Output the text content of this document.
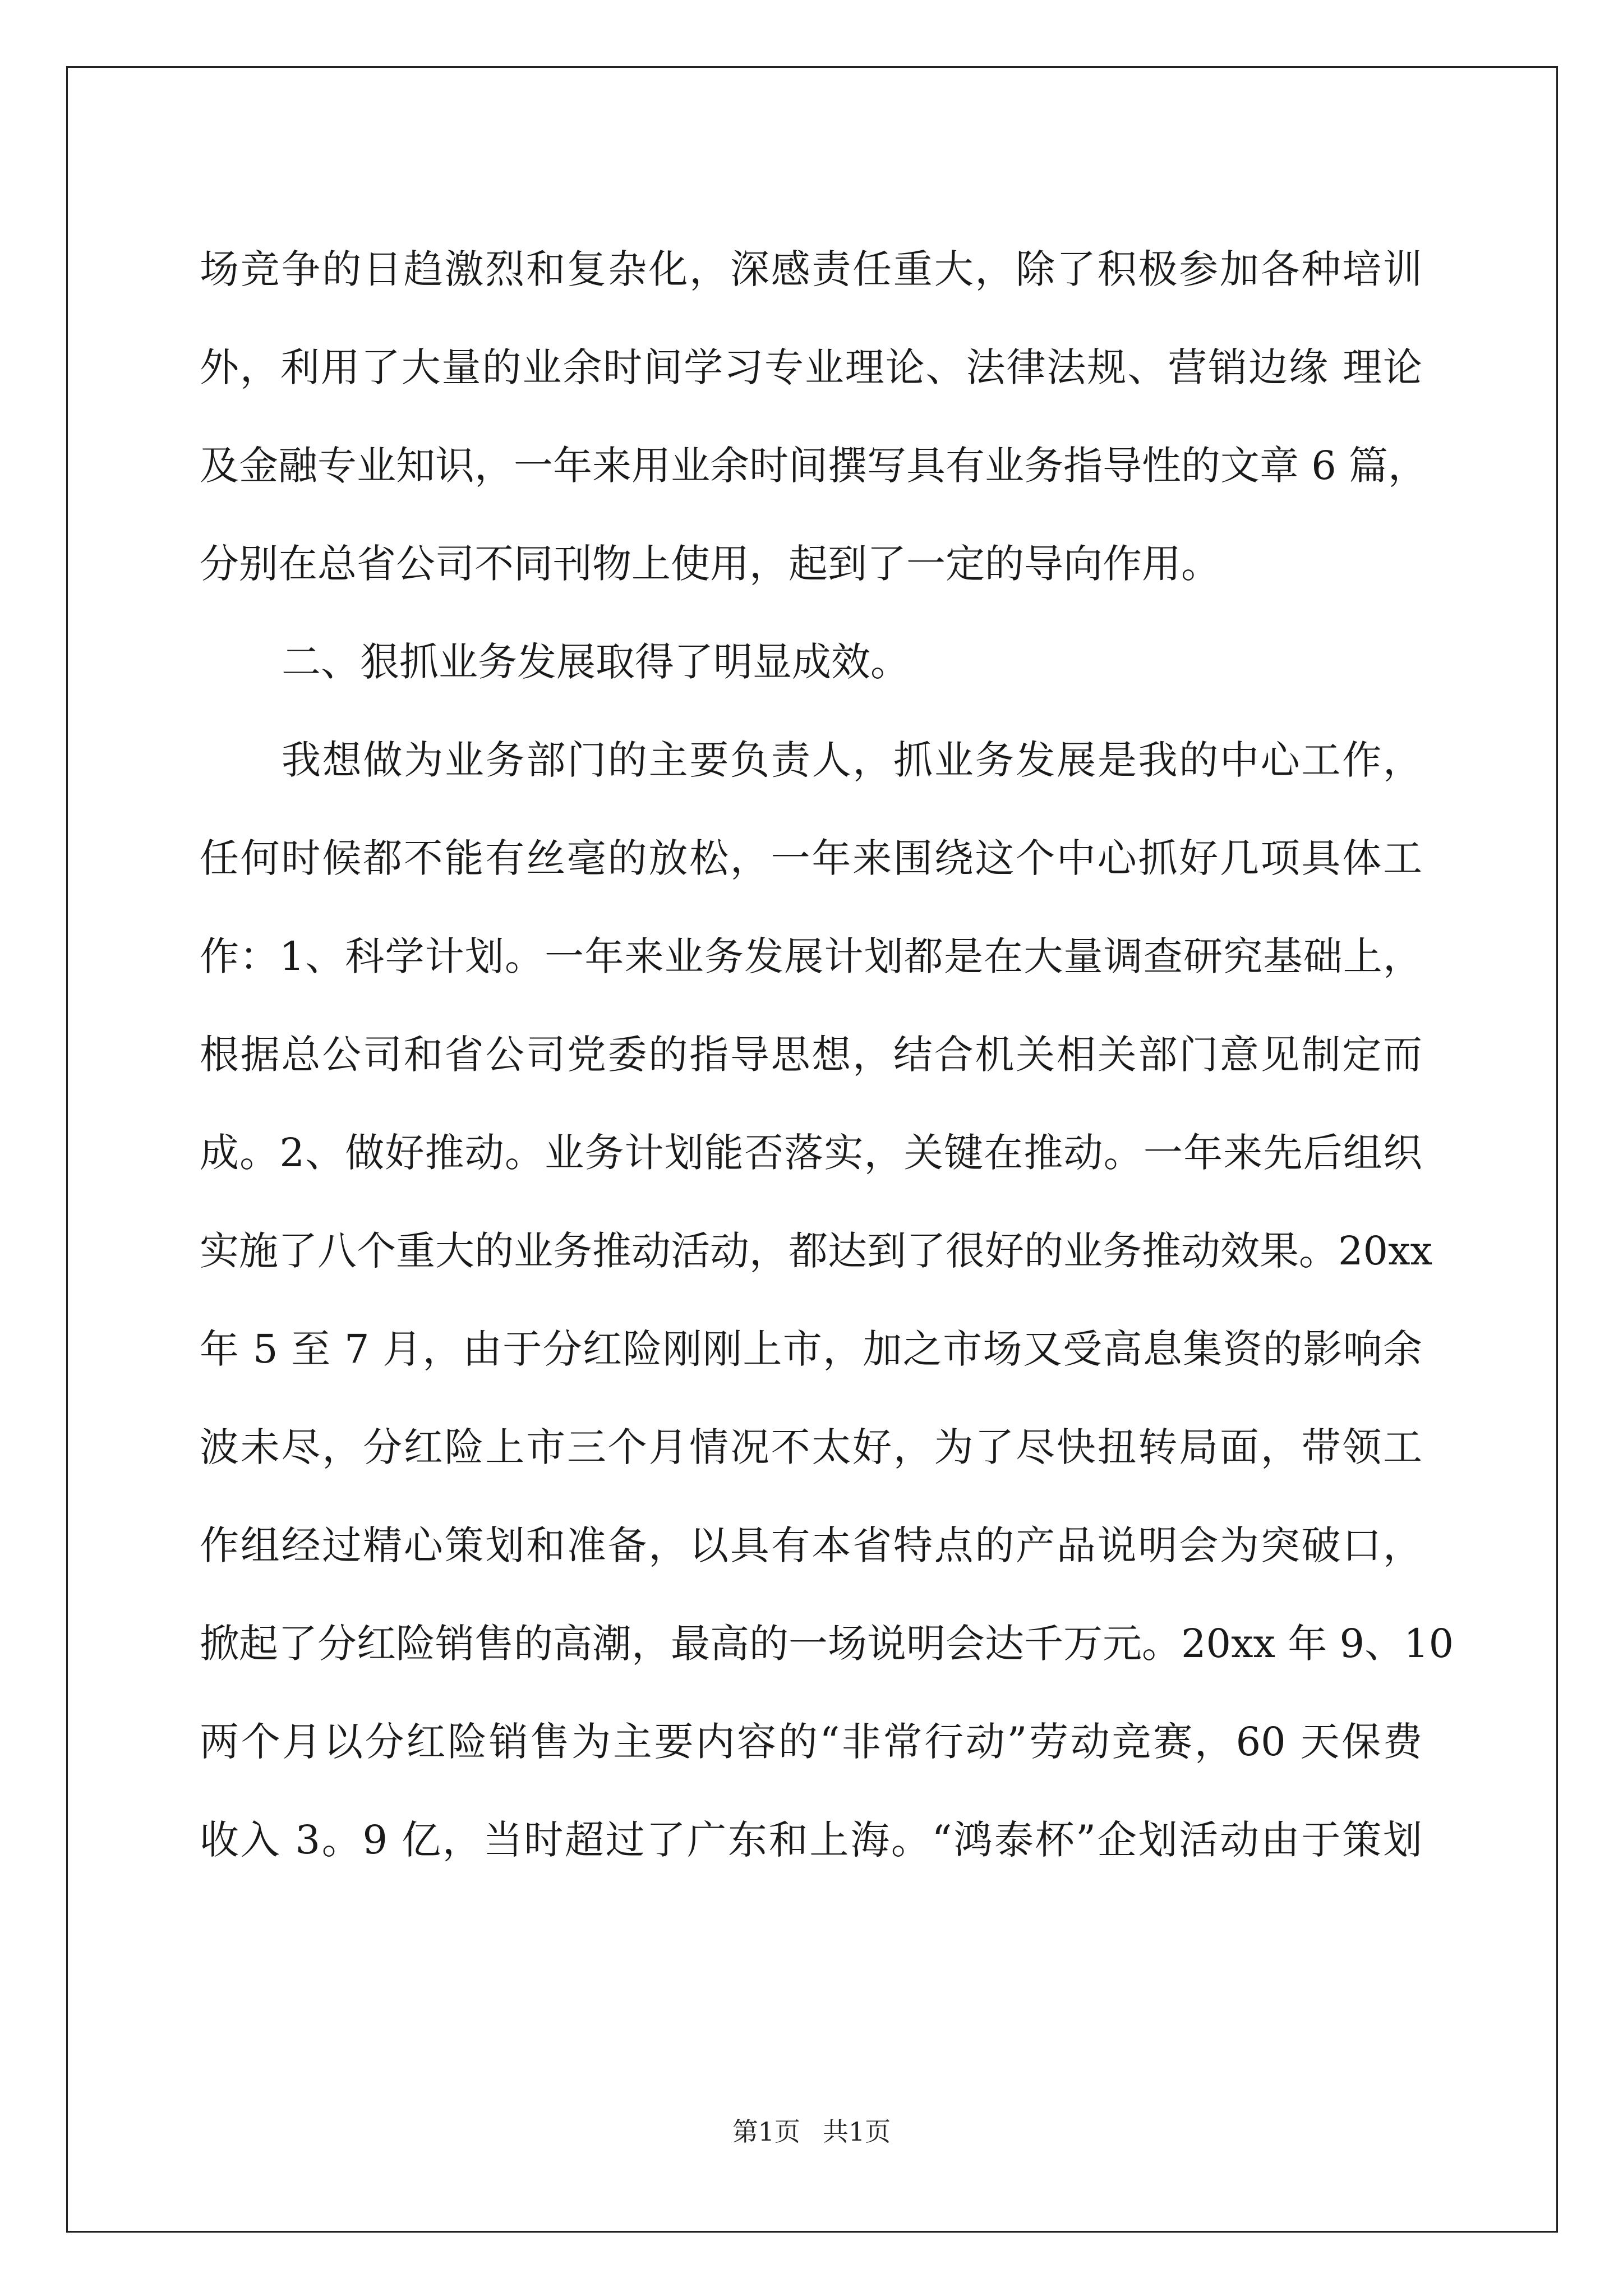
场竞争的日趋激烈和复杂化，深感责任重大，除了积极参加各种培训
外，利用了大量的业余时间学习专业理论、法律法规、营销边缘 理论
及金融专业知识，一年来用业余时间撰写具有业务指导性的文章 6 篇，
分别在总省公司不同刊物上使用，起到了一定的导向作用。
二、狠抓业务发展取得了明显成效。
我想做为业务部门的主要负责人，抓业务发展是我的中心工作，
任何时候都不能有丝毫的放松，一年来围绕这个中心抓好几项具体工
作：1、科学计划。一年来业务发展计划都是在大量调查研究基础上，
根据总公司和省公司党委的指导思想，结合机关相关部门意见制定而
成。2、做好推动。业务计划能否落实，关键在推动。一年来先后组织
实施了八个重大的业务推动活动，都达到了很好的业务推动效果。20xx
年 5 至 7 月，由于分红险刚刚上市，加之市场又受高息集资的影响余
波未尽，分红险上市三个月情况不太好，为了尽快扭转局面，带领工
作组经过精心策划和准备，以具有本省特点的产品说明会为突破口，
掀起了分红险销售的高潮，最高的一场说明会达千万元。20xx 年 9、10
两个月以分红险销售为主要内容的“非常行动”劳动竞赛，60 天保费
收入 3。9 亿，当时超过了广东和上海。“鸿泰杯”企划活动由于策划
第1页 共1页
